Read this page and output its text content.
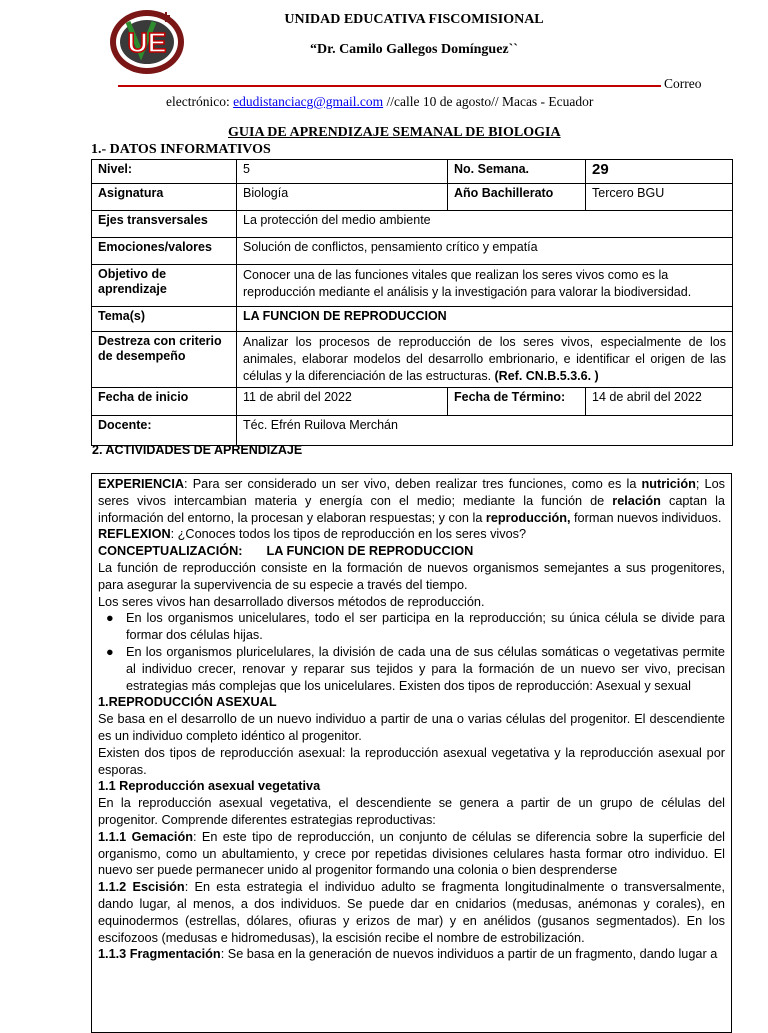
UE
UNIDAD EDUCATIVA FISCOMISIONAL
“Dr. Camilo Gallegos Domínguez``
Correo
electrónico: edudistanciacg@gmail.com //calle 10 de agosto// Macas - Ecuador
GUIA DE APRENDIZAJE SEMANAL DE BIOLOGIA
1.- DATOS INFORMATIVOS
Nivel:	5	No. Semana.	29
Asignatura	Biología	Año Bachillerato	Tercero BGU
Ejes transversales	La protección del medio ambiente		
Emociones/valores	Solución de conflictos, pensamiento crítico y empatía		
Objetivo de aprendizaje	Conocer una de las funciones vitales que realizan los seres vivos como es la reproducción mediante el análisis y la investigación para valorar la biodiversidad.		
Tema(s)	LA FUNCION DE REPRODUCCION		
Destreza con criterio de desempeño	Analizar los procesos de reproducción de los seres vivos, especialmente de los animales, elaborar modelos del desarrollo embrionario, e identificar el origen de las células y la diferenciación de las estructuras. (Ref. CN.B.5.3.6. )		
Fecha de inicio	11 de abril del 2022	Fecha de Término:	14 de abril del 2022
Docente:	Téc. Efrén Ruilova Merchán		
2. ACTIVIDADES DE APRENDIZAJE

EXPERIENCIA: Para ser considerado un ser vivo, deben realizar tres funciones, como es la nutrición; Los seres vivos intercambian materia y energía con el medio; mediante la función de relación captan la información del entorno, la procesan y elaboran respuestas; y con la reproducción, forman nuevos individuos.

REFLEXION: ¿Conoces todos los tipos de reproducción en los seres vivos?

CONCEPTUALIZACIÓN: LA FUNCION DE REPRODUCCION

La función de reproducción consiste en la formación de nuevos organismos semejantes a sus progenitores, para asegurar la supervivencia de su especie a través del tiempo.

Los seres vivos han desarrollado diversos métodos de reproducción.

● En los organismos unicelulares, todo el ser participa en la reproducción; su única célula se divide para formar dos células hijas.
● En los organismos pluricelulares, la división de cada una de sus células somáticas o vegetativas permite al individuo crecer, renovar y reparar sus tejidos y para la formación de un nuevo ser vivo, precisan estrategias más complejas que los unicelulares. Existen dos tipos de reproducción: Asexual y sexual

1.REPRODUCCIÓN ASEXUAL

Se basa en el desarrollo de un nuevo individuo a partir de una o varias células del progenitor. El descendiente es un individuo completo idéntico al progenitor.

Existen dos tipos de reproducción asexual: la reproducción asexual vegetativa y la reproducción asexual por esporas.

1.1 Reproducción asexual vegetativa

En la reproducción asexual vegetativa, el descendiente se genera a partir de un grupo de células del progenitor. Comprende diferentes estrategias reproductivas:

1.1.1 Gemación: En este tipo de reproducción, un conjunto de células se diferencia sobre la superficie del organismo, como un abultamiento, y crece por repetidas divisiones celulares hasta formar otro individuo. El nuevo ser puede permanecer unido al progenitor formando una colonia o bien desprenderse

1.1.2 Escisión: En esta estrategia el individuo adulto se fragmenta longitudinalmente o transversalmente, dando lugar, al menos, a dos individuos. Se puede dar en cnidarios (medusas, anémonas y corales), en equinodermos (estrellas, dólares, ofiuras y erizos de mar) y en anélidos (gusanos segmentados). En los escifozoos (medusas e hidromedusas), la escisión recibe el nombre de estrobilización.

1.1.3 Fragmentación: Se basa en la generación de nuevos individuos a partir de un fragmento, dando lugar a
